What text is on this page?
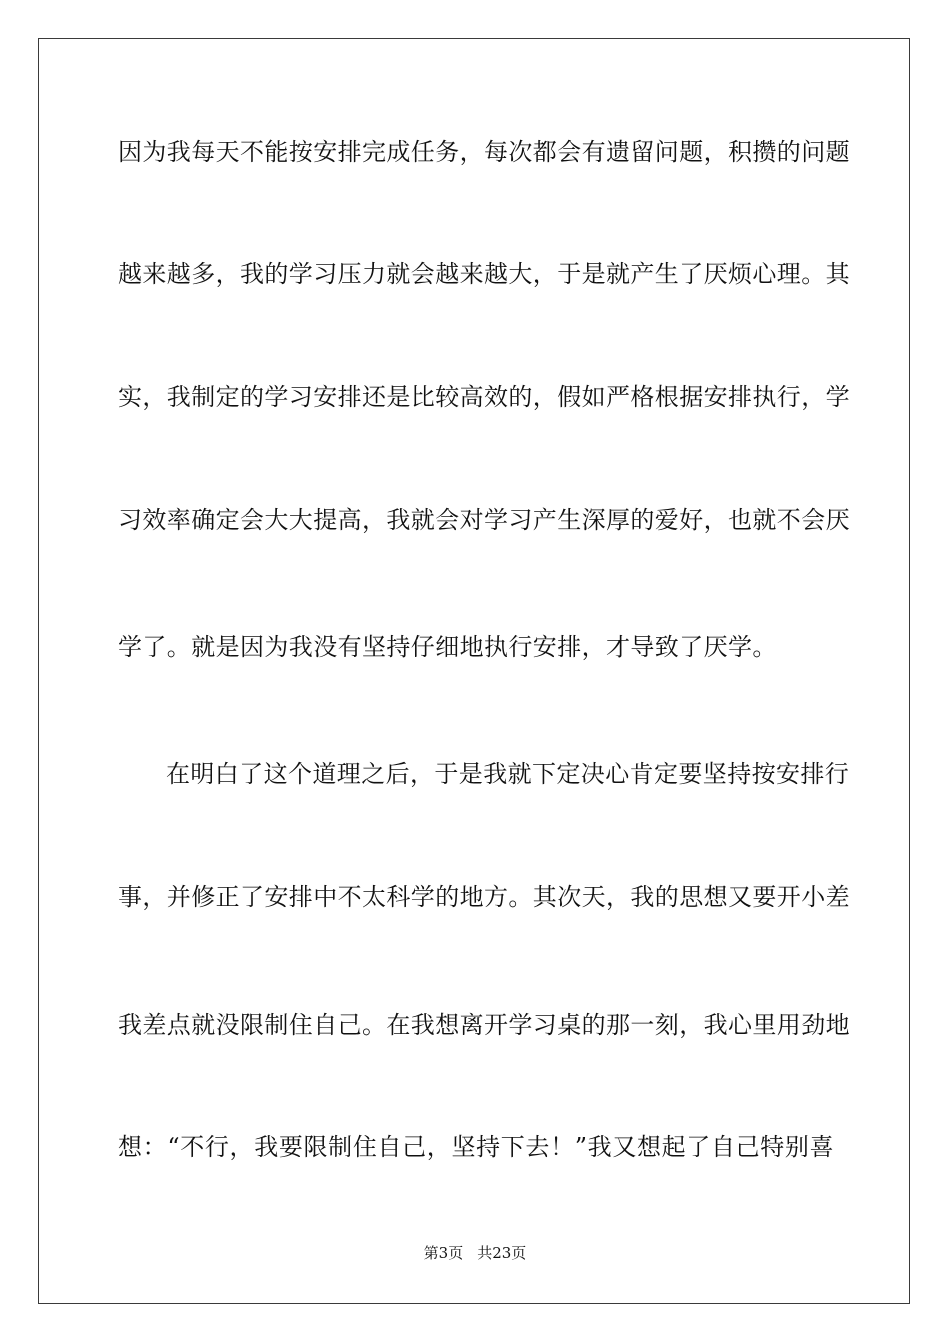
因为我每天不能按安排完成任务，每次都会有遗留问题，积攒的问题
越来越多，我的学习压力就会越来越大，于是就产生了厌烦心理。其
实，我制定的学习安排还是比较高效的，假如严格根据安排执行，学
习效率确定会大大提高，我就会对学习产生深厚的爱好，也就不会厌
学了。就是因为我没有坚持仔细地执行安排，才导致了厌学。
在明白了这个道理之后，于是我就下定决心肯定要坚持按安排行
事，并修正了安排中不太科学的地方。其次天，我的思想又要开小差
我差点就没限制住自己。在我想离开学习桌的那一刻，我心里用劲地
想：“不行，我要限制住自己，坚持下去！”我又想起了自己特别喜
第3页 共23页
